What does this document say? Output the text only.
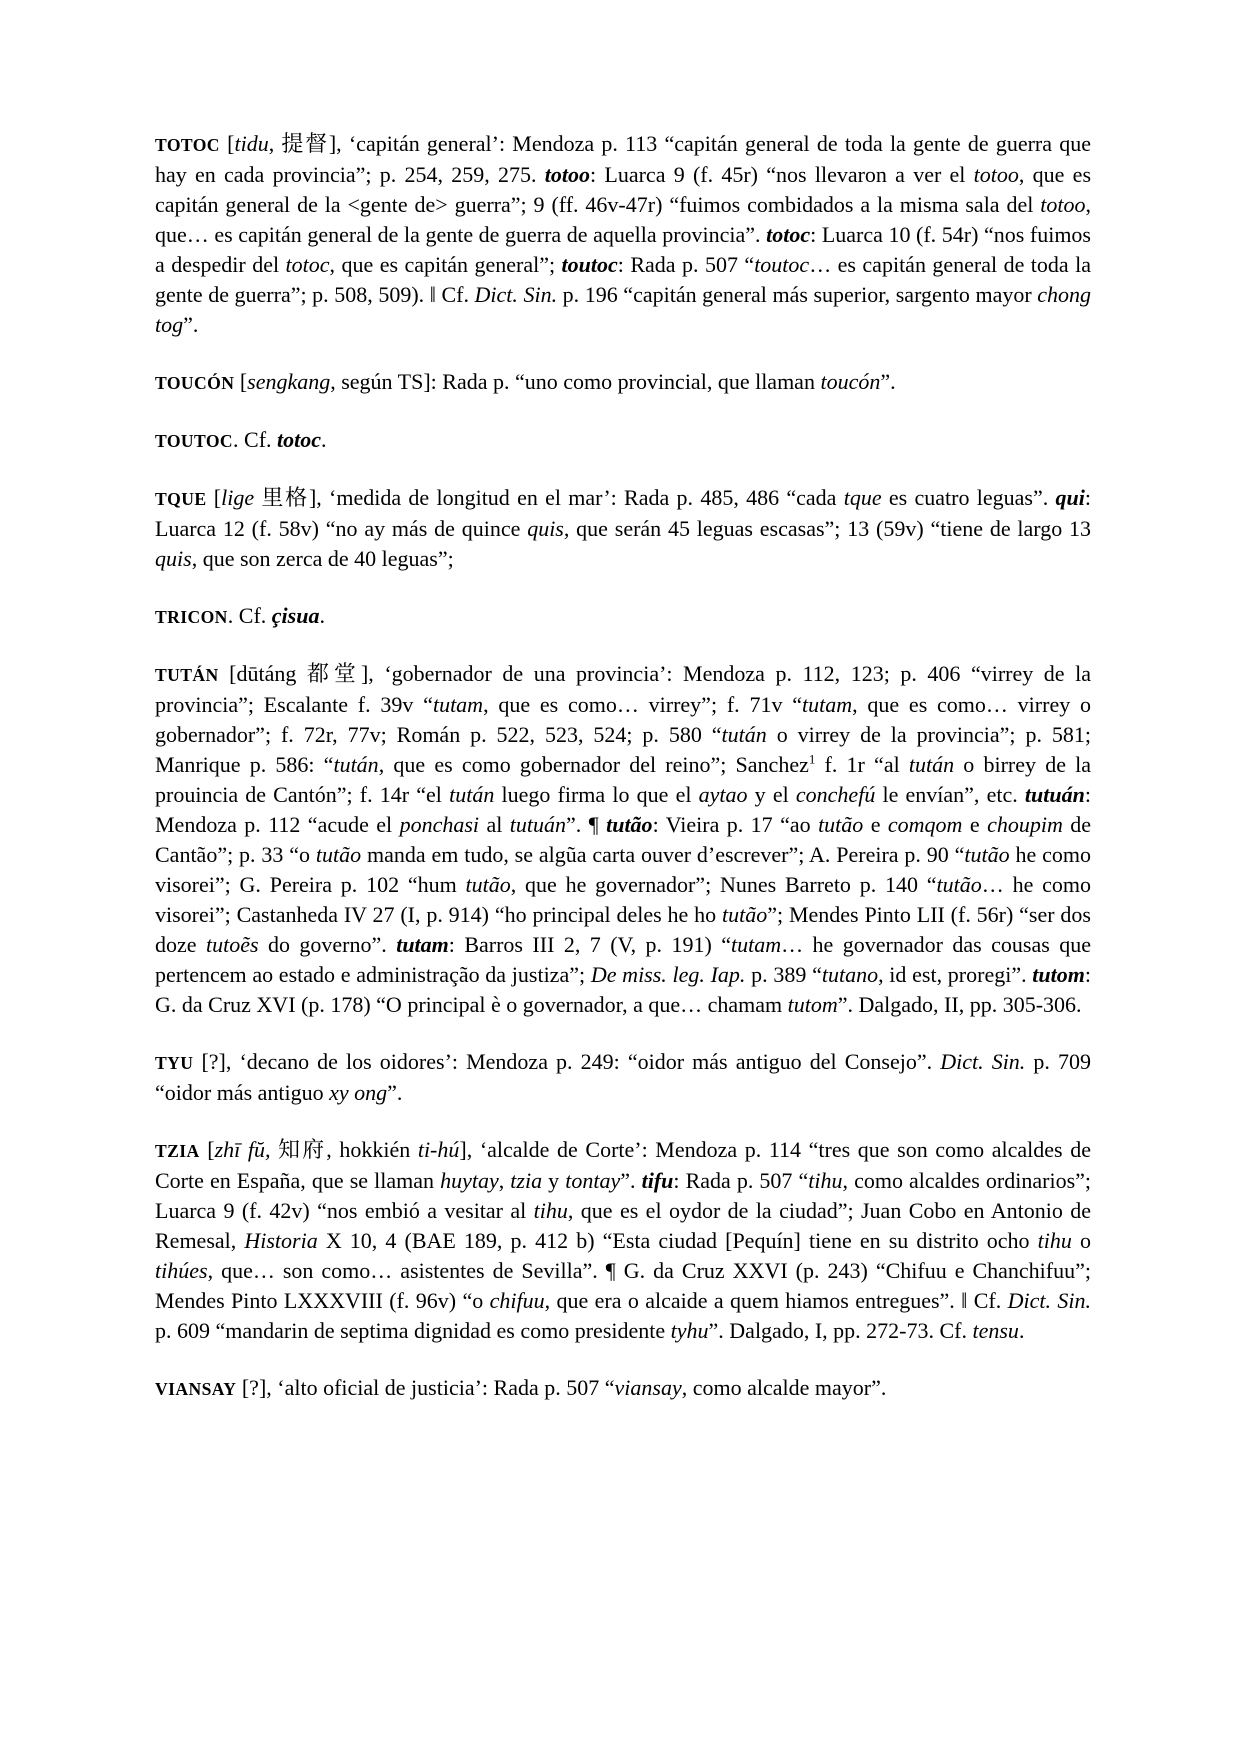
TOTOC [tidu, 提督], ‘capitán general’: Mendoza p. 113 “capitán general de toda la gente de guerra que hay en cada provincia”; p. 254, 259, 275. totoo: Luarca 9 (f. 45r) “nos llevaron a ver el totoo, que es capitán general de la <gente de> guerra”; 9 (ff. 46v-47r) “fuimos combidados a la misma sala del totoo, que… es capitán general de la gente de guerra de aquella provincia”. totoc: Luarca 10 (f. 54r) “nos fuimos a despedir del totoc, que es capitán general”; toutoc: Rada p. 507 “toutoc… es capitán general de toda la gente de guerra”; p. 508, 509). ‖ Cf. Dict. Sin. p. 196 “capitán general más superior, sargento mayor chong tog”.

TOUCÓN [sengkang, según TS]: Rada p. “uno como provincial, que llaman toucón”.

TOUTOC. Cf. totoc.

TQUE [lige 里格], ‘medida de longitud en el mar’: Rada p. 485, 486 “cada tque es cuatro leguas”. qui: Luarca 12 (f. 58v) “no ay más de quince quis, que serán 45 leguas escasas”; 13 (59v) “tiene de largo 13 quis, que son zerca de 40 leguas”;

TRICON. Cf. çisua.

TUTÁN [dūtáng 都堂], ‘gobernador de una provincia’: Mendoza p. 112, 123; p. 406 “virrey de la provincia”; Escalante f. 39v “tutam, que es como… virrey”; f. 71v “tutam, que es como… virrey o gobernador”; f. 72r, 77v; Román p. 522, 523, 524; p. 580 “tután o virrey de la provincia”; p. 581; Manrique p. 586: “tután, que es como gobernador del reino”; Sanchez$^1$ f. 1r “al tután o birrey de la prouincia de Cantón”; f. 14r “el tután luego firma lo que el aytao y el conchefú le envían”, etc. tutuán: Mendoza p. 112 “acude el ponchasi al tutuán”. ¶ tutão: Vieira p. 17 “ao tutão e comqom e choupim de Cantão”; p. 33 “o tutão manda em tudo, se algũa carta ouver d’escrever”; A. Pereira p. 90 “tutão he como visorei”; G. Pereira p. 102 “hum tutão, que he governador”; Nunes Barreto p. 140 “tutão… he como visorei”; Castanheda IV 27 (I, p. 914) “ho principal deles he ho tutão”; Mendes Pinto LII (f. 56r) “ser dos doze tutoẽs do governo”. tutam: Barros III 2, 7 (V, p. 191) “tutam… he governador das cousas que pertencem ao estado e administração da justiza”; De miss. leg. Iap. p. 389 “tutano, id est, proregi”. tutom: G. da Cruz XVI (p. 178) “O principal è o governador, a que… chamam tutom”. Dalgado, II, pp. 305-306.

TYU [?], ‘decano de los oidores’: Mendoza p. 249: “oidor más antiguo del Consejo”. Dict. Sin. p. 709 “oidor más antiguo xy ong”.

TZIA [zhī fŭ, 知府, hokkién ti-hú], ‘alcalde de Corte’: Mendoza p. 114 “tres que son como alcaldes de Corte en España, que se llaman huytay, tzia y tontay”. tifu: Rada p. 507 “tihu, como alcaldes ordinarios”; Luarca 9 (f. 42v) “nos embió a vesitar al tihu, que es el oydor de la ciudad”; Juan Cobo en Antonio de Remesal, Historia X 10, 4 (BAE 189, p. 412 b) “Esta ciudad [Pequín] tiene en su distrito ocho tihu o tihúes, que… son como… asistentes de Sevilla”. ¶ G. da Cruz XXVI (p. 243) “Chifuu e Chanchifuu”; Mendes Pinto LXXXVIII (f. 96v) “o chifuu, que era o alcaide a quem hiamos entregues”. ‖ Cf. Dict. Sin. p. 609 “mandarin de septima dignidad es como presidente tyhu”. Dalgado, I, pp. 272-73. Cf. tensu.

VIANSAY [?], ‘alto oficial de justicia’: Rada p. 507 “viansay, como alcalde mayor”.
